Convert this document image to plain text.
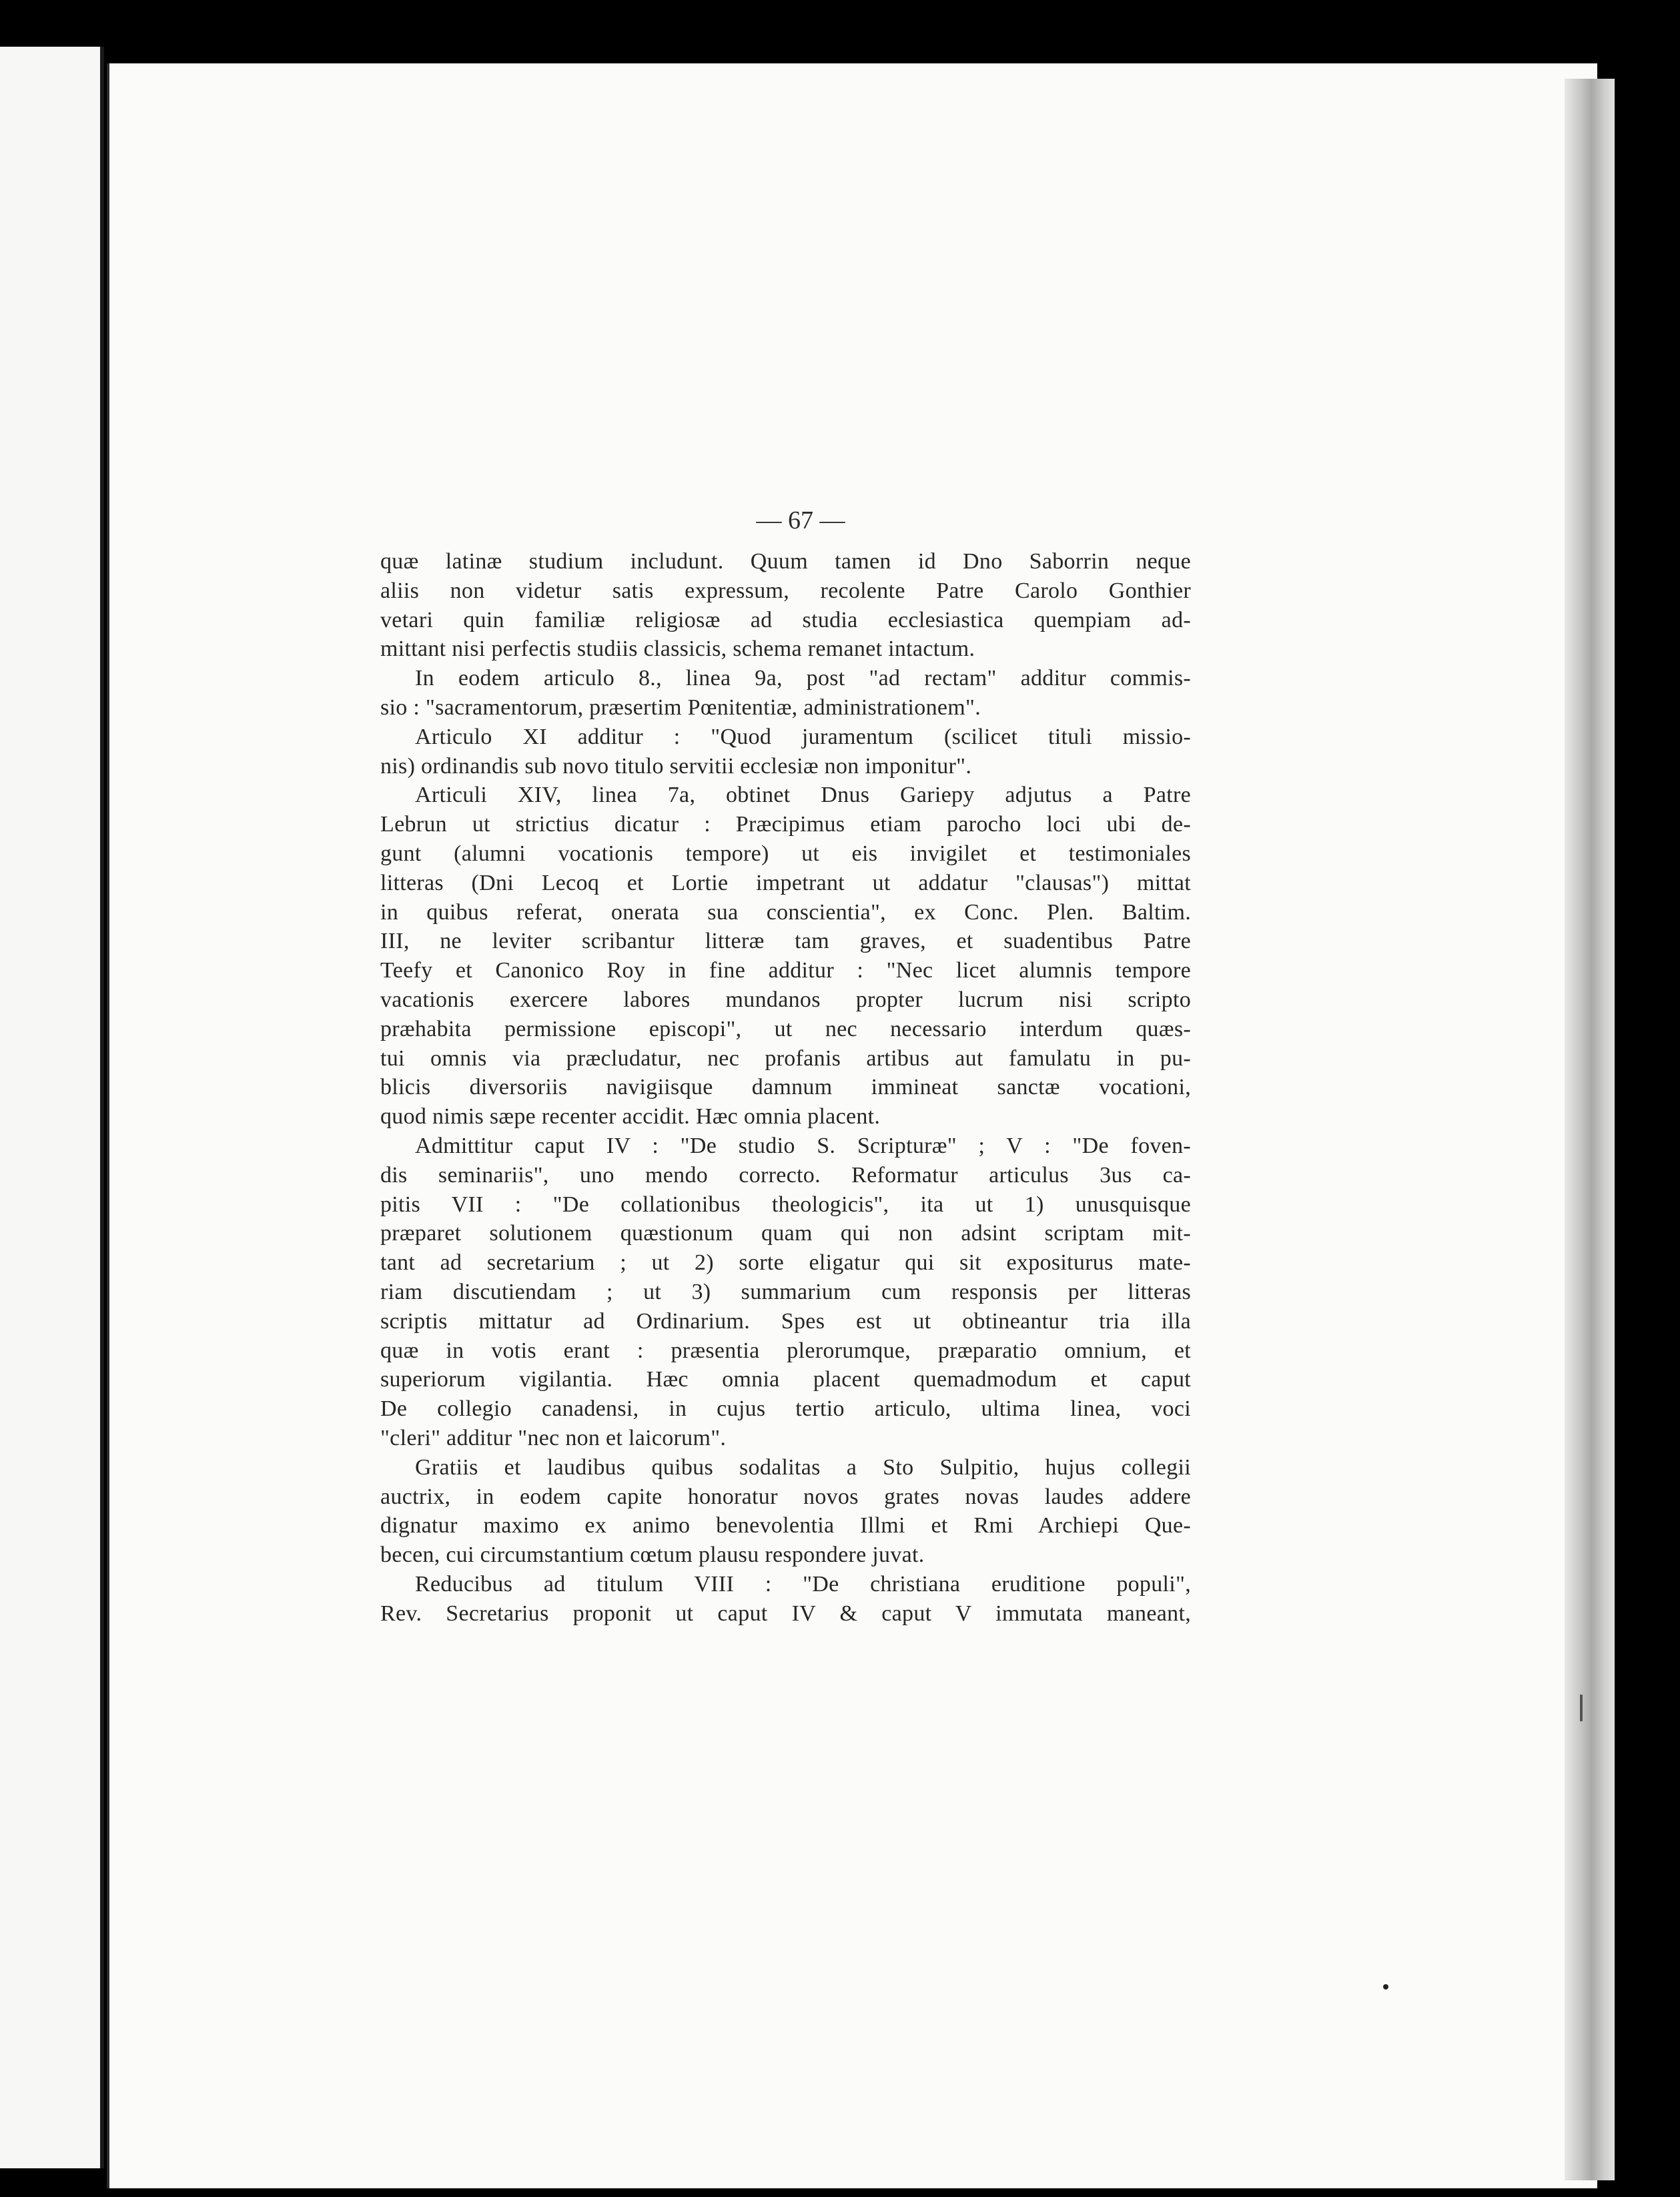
— 67 —

quæ latinæ studium includunt. Quum tamen id Dno Saborrin neque
aliis non videtur satis expressum, recolente Patre Carolo Gonthier
vetari quin familiæ religiosæ ad studia ecclesiastica quempiam ad-
mittant nisi perfectis studiis classicis, schema remanet intactum.

In eodem articulo 8., linea 9a, post "ad rectam" additur commis-
sio : "sacramentorum, præsertim Pœnitentiæ, administrationem".

Articulo XI additur : "Quod juramentum (scilicet tituli missio-
nis) ordinandis sub novo titulo servitii ecclesiæ non imponitur".

Articuli XIV, linea 7a, obtinet Dnus Gariepy adjutus a Patre
Lebrun ut strictius dicatur : Præcipimus etiam parocho loci ubi de-
gunt (alumni vocationis tempore) ut eis invigilet et testimoniales
litteras (Dni Lecoq et Lortie impetrant ut addatur "clausas") mittat
in quibus referat, onerata sua conscientia", ex Conc. Plen. Baltim.
III, ne leviter scribantur litteræ tam graves, et suadentibus Patre
Teefy et Canonico Roy in fine additur : "Nec licet alumnis tempore
vacationis exercere labores mundanos propter lucrum nisi scripto
præhabita permissione episcopi", ut nec necessario interdum quæs-
tui omnis via præcludatur, nec profanis artibus aut famulatu in pu-
blicis diversoriis navigiisque damnum immineat sanctæ vocationi,
quod nimis sæpe recenter accidit. Hæc omnia placent.

Admittitur caput IV : "De studio S. Scripturæ" ; V : "De foven-
dis seminariis", uno mendo correcto. Reformatur articulus 3us ca-
pitis VII : "De collationibus theologicis", ita ut 1) unusquisque
præparet solutionem quæstionum quam qui non adsint scriptam mit-
tant ad secretarium ; ut 2) sorte eligatur qui sit expositurus mate-
riam discutiendam ; ut 3) summarium cum responsis per litteras
scriptis mittatur ad Ordinarium. Spes est ut obtineantur tria illa
quæ in votis erant : præsentia plerorumque, præparatio omnium, et
superiorum vigilantia. Hæc omnia placent quemadmodum et caput
De collegio canadensi, in cujus tertio articulo, ultima linea, voci
"cleri" additur "nec non et laicorum".

Gratiis et laudibus quibus sodalitas a Sto Sulpitio, hujus collegii
auctrix, in eodem capite honoratur novos grates novas laudes addere
dignatur maximo ex animo benevolentia Illmi et Rmi Archiepi Que-
becen, cui circumstantium cœtum plausu respondere juvat.

Reducibus ad titulum VIII : "De christiana eruditione populi",
Rev. Secretarius proponit ut caput IV & caput V immutata maneant,
